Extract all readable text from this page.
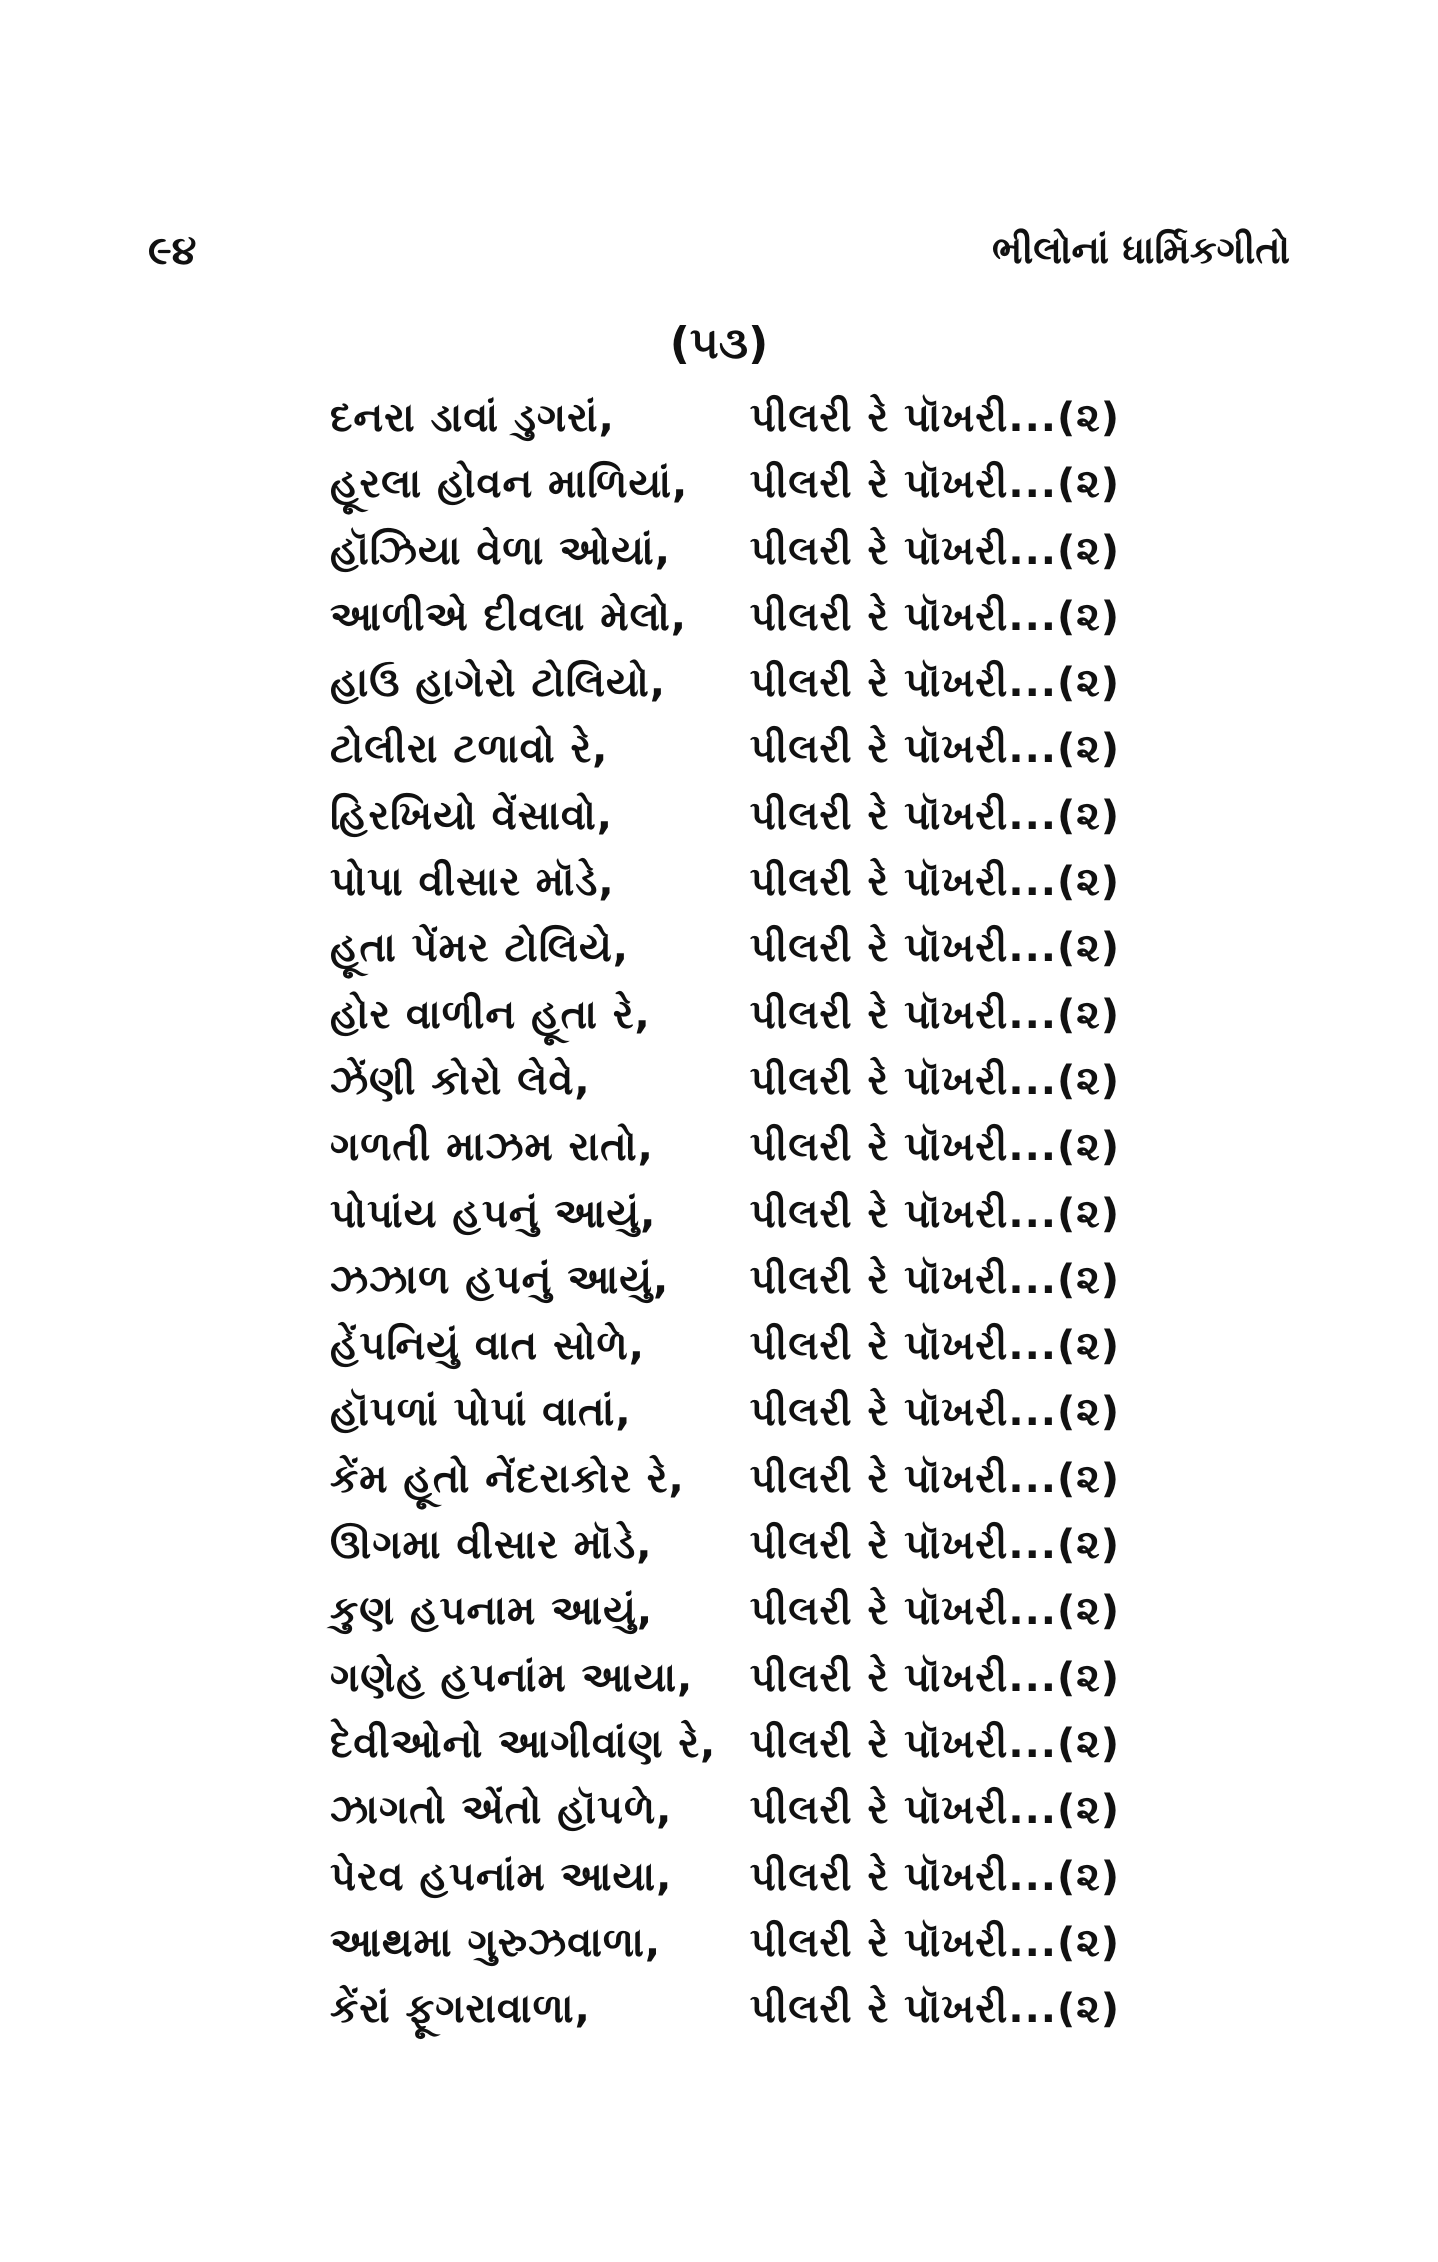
૯૪	ભીલોનાં ધાર્મિકગીતો
(૫૩)
દનરા ડાવાં ડુગરાં,	પીલરી રે પૉખરી...(૨)
હૂરલા હોવન માળિયાં, પીલરી રે પૉખરી...(૨)
હૉઝિયા વેળા ઓયાં, પીલરી રે પૉખરી...(૨)
આળીએ દીવલા મેલો, પીલરી રે પૉખરી...(૨)
હાઉ હાગેરો ટોલિયો, પીલરી રે પૉખરી...(૨)
ટોલીરા ટળાવો રે,	પીલરી રે પૉખરી...(૨)
હિરખિયો વેંસાવો,	પીલરી રે પૉખરી...(૨)
પોપા વીસાર મૉડે,	પીલરી રે પૉખરી...(૨)
હૂતા પેંમર ટોલિયે,	પીલરી રે પૉખરી...(૨)
હોર વાળીન હૂતા રે, પીલરી રે પૉખરી...(૨)
ઝેંણી કોરો લેવે,	પીલરી રે પૉખરી...(૨)
ગળતી માઝમ રાતો, પીલરી રે પૉખરી...(૨)
પોપાંય હપનું આયું, પીલરી રે પૉખરી...(૨)
ઝઝાળ હપનું આયું, પીલરી રે પૉખરી...(૨)
હેંપનિયું વાત સોળે,	પીલરી રે પૉખરી...(૨)
હૉપળાં પોપાં વાતાં,	પીલરી રે પૉખરી...(૨)
કેંમ હૂતો નેંદરાકોર રે, પીલરી રે પૉખરી...(૨)
ઊગમા વીસાર મૉડે, પીલરી રે પૉખરી...(૨)
કુણ હપનામ આયું, પીલરી રે પૉખરી...(૨)
ગણેહ હપનાંમ આયા, પીલરી રે પૉખરી...(૨)
દેવીઓનો આગીવાંણ રે, પીલરી રે પૉખરી...(૨)
ઝાગતો એંતો હૉપળે, પીલરી રે પૉખરી...(૨)
પેરવ હપનાંમ આયા, પીલરી રે પૉખરી...(૨)
આથમા ગુરુઝવાળા, પીલરી રે પૉખરી...(૨)
કેંરાં ફૂગરાવાળા,	પીલરી રે પૉખરી...(૨)
